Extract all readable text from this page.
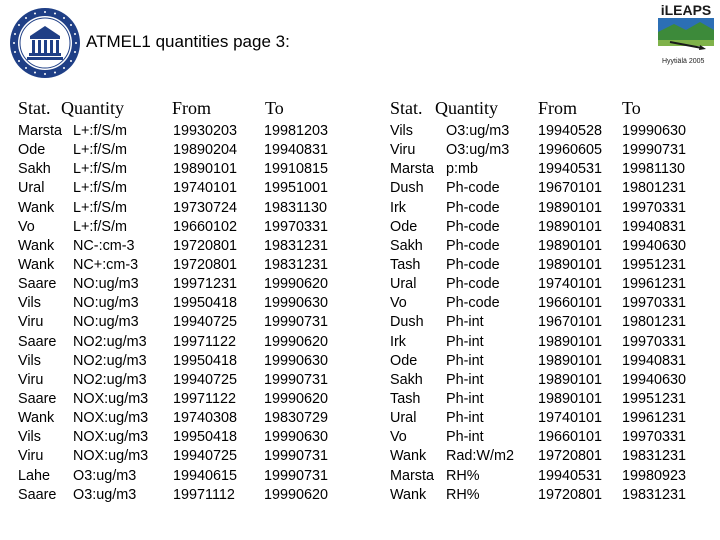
ATMEL1 quantities page 3:
iLEAPS
Hyytiälä 2005
Stat. Quantity	From	To	Stat. Quantity From To
Marsta L+:f/S/m	19930203 19981203
Ode L+:f/S/m	19890204 19940831
Sakh L+:f/S/m	19890101 19910815
Ural L+:f/S/m	19740101 19951001
Wank L+:f/S/m	19730724 19831130
Vo	L+:f/S/m	19660102 19970331
Wank NC-:cm-3	19720801 19831231
Wank NC+:cm-3 19720801 19831231
Saare NO:ug/m3 19971231 19990620
Vils NO:ug/m3 19950418 19990630
Viru NO:ug/m3 19940725 19990731
Saare NO2:ug/m3 19971122 19990620
Vils NO2:ug/m3 19950418 19990630
Viru NO2:ug/m3 19940725 19990731
Saare NOX:ug/m3 19971122 19990620
Wank NOX:ug/m3 19740308 19830729
Vils NOX:ug/m3 19950418 19990630
Viru NOX:ug/m3 19940725 19990731
Lahe O3:ug/m3	19940615 19990731
Saare O3:ug/m3	19971112 19990620
Vils O3:ug/m3 19940528 19990630
Viru O3:ug/m3 19960605 19990731
Marsta p:mb	19940531 19981130
Dush Ph-code	19670101 19801231
Irk	Ph-code	19890101 19970331
Ode Ph-code	19890101 19940831
Sakh Ph-code	19890101 19940630
Tash Ph-code	19890101 19951231
Ural Ph-code	19740101 19961231
Vo	Ph-code	19660101 19970331
Dush Ph-int	19670101 19801231
Irk	Ph-int	19890101 19970331
Ode Ph-int	19890101 19940831
Sakh Ph-int	19890101 19940630
Tash Ph-int	19890101 19951231
Ural Ph-int	19740101 19961231
Vo	Ph-int	19660101 19970331
Wank Rad:W/m2 19720801 19831231
Marsta RH%	19940531 19980923
Wank RH%	19720801 19831231
